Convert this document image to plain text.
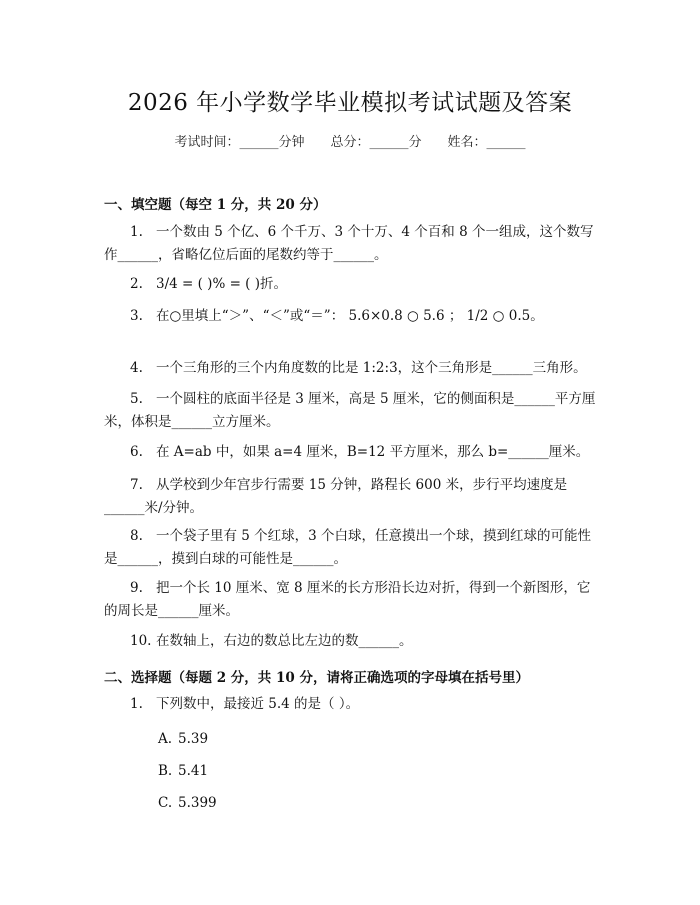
2026 年小学数学毕业模拟考试试题及答案
考试时间：______分钟 总分：______分 姓名：______
一、填空题（每空 1 分，共 20 分）
1. 一个数由 5 个亿、6 个千万、3 个十万、4 个百和 8 个一组成，这个数写作______，省略亿位后面的尾数约等于______。
2. 3/4 = ( )% = ( )折。
3. 在○里填上“＞”、“＜”或“＝”： 5.6×0.8 ○ 5.6 ； 1/2 ○ 0.5。
4. 一个三角形的三个内角度数的比是 1:2:3，这个三角形是______三角形。
5. 一个圆柱的底面半径是 3 厘米，高是 5 厘米，它的侧面积是______平方厘米，体积是______立方厘米。
6. 在 A=ab 中，如果 a=4 厘米，B=12 平方厘米，那么 b=______厘米。
7. 从学校到少年宫步行需要 15 分钟，路程长 600 米，步行平均速度是______米/分钟。
8. 一个袋子里有 5 个红球，3 个白球，任意摸出一个球，摸到红球的可能性是______，摸到白球的可能性是______。
9. 把一个长 10 厘米、宽 8 厘米的长方形沿长边对折，得到一个新图形，它的周长是______厘米。
10. 在数轴上，右边的数总比左边的数______。
二、选择题（每题 2 分，共 10 分，请将正确选项的字母填在括号里）
1. 下列数中，最接近 5.4 的是（ ）。
A. 5.39
B. 5.41
C. 5.399
